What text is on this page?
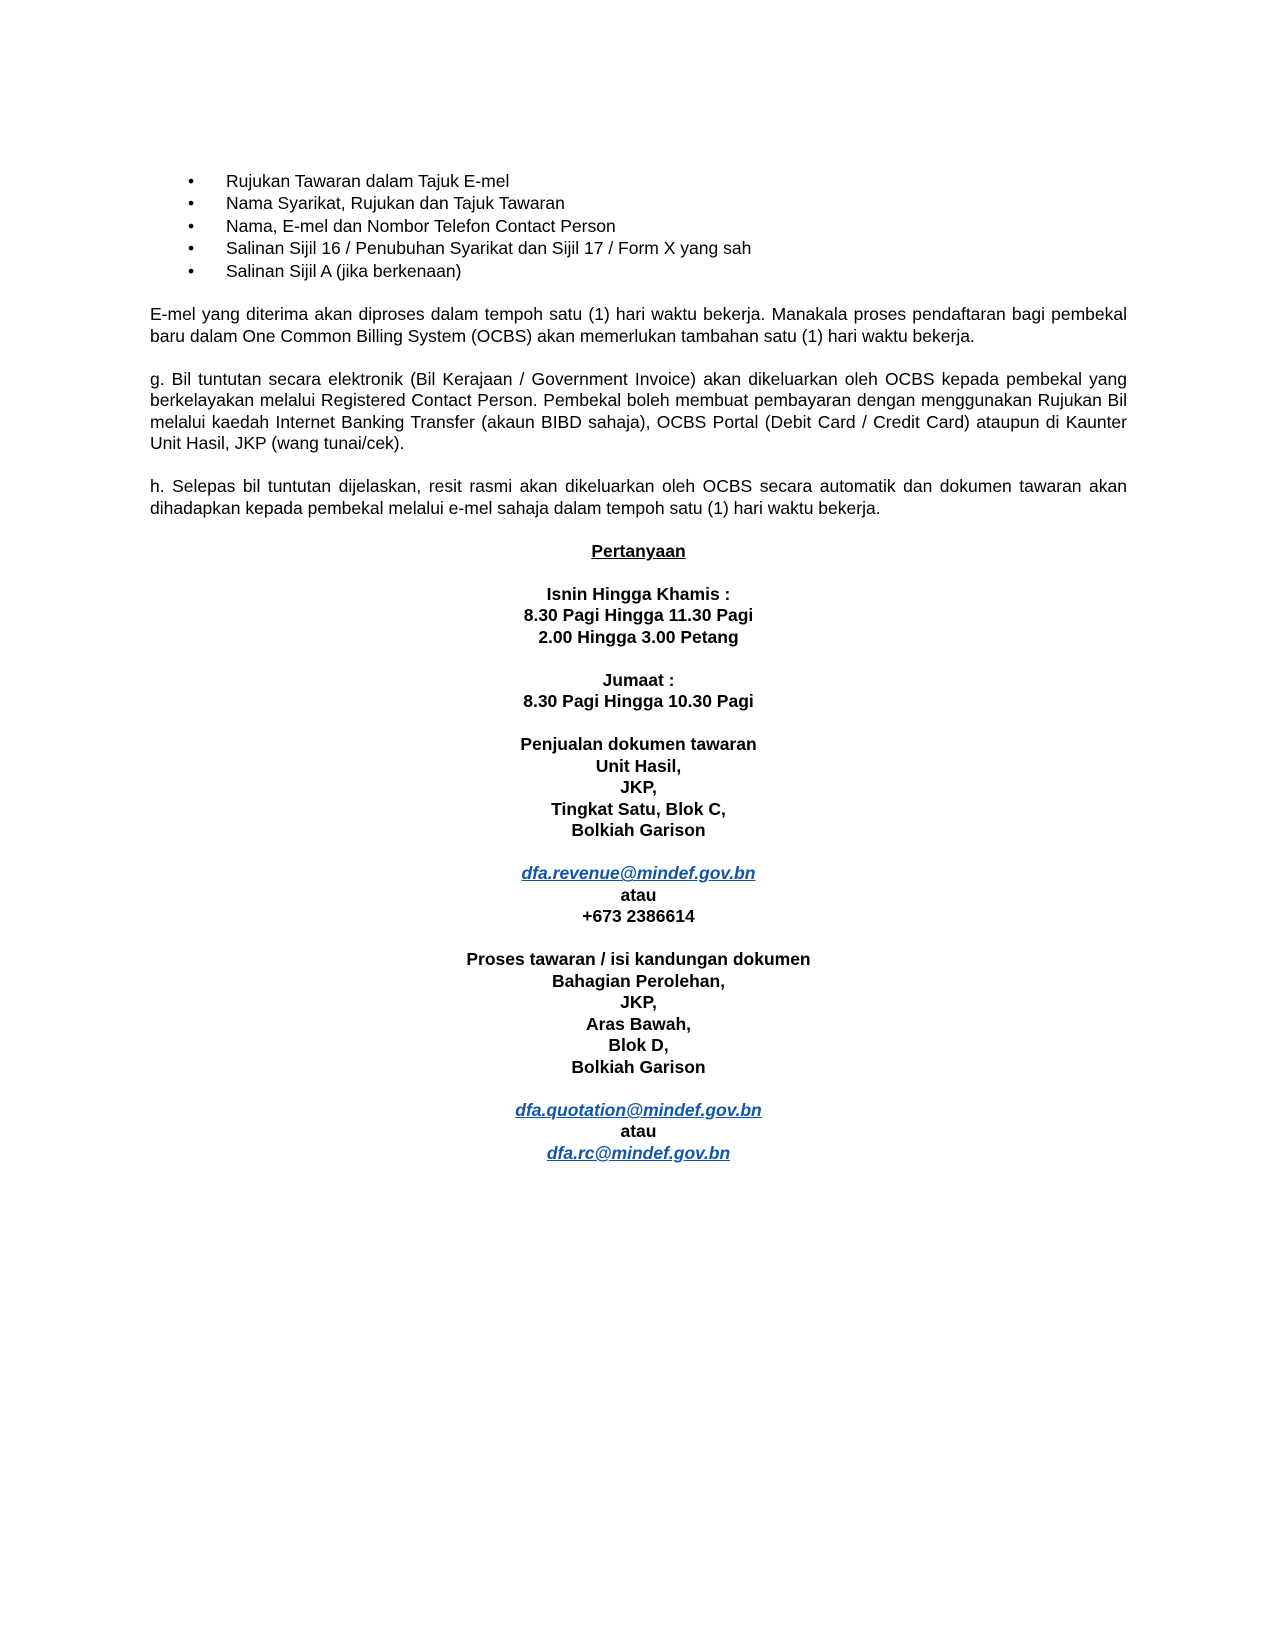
• Rujukan Tawaran dalam Tajuk E-mel
• Nama Syarikat, Rujukan dan Tajuk Tawaran
• Nama, E-mel dan Nombor Telefon Contact Person
• Salinan Sijil 16 / Penubuhan Syarikat dan Sijil 17 / Form X yang sah
• Salinan Sijil A (jika berkenaan)

E-mel yang diterima akan diproses dalam tempoh satu (1) hari waktu bekerja. Manakala proses pendaftaran bagi pembekal baru dalam One Common Billing System (OCBS) akan memerlukan tambahan satu (1) hari waktu bekerja.

g. Bil tuntutan secara elektronik (Bil Kerajaan / Government Invoice) akan dikeluarkan oleh OCBS kepada pembekal yang berkelayakan melalui Registered Contact Person. Pembekal boleh membuat pembayaran dengan menggunakan Rujukan Bil melalui kaedah Internet Banking Transfer (akaun BIBD sahaja), OCBS Portal (Debit Card / Credit Card) ataupun di Kaunter Unit Hasil, JKP (wang tunai/cek).

h. Selepas bil tuntutan dijelaskan, resit rasmi akan dikeluarkan oleh OCBS secara automatik dan dokumen tawaran akan dihadapkan kepada pembekal melalui e-mel sahaja dalam tempoh satu (1) hari waktu bekerja.

Pertanyaan
Isnin Hingga Khamis :
8.30 Pagi Hingga 11.30 Pagi
2.00 Hingga 3.00 Petang
Jumaat :
8.30 Pagi Hingga 10.30 Pagi
Penjualan dokumen tawaran
Unit Hasil,
JKP,
Tingkat Satu, Blok C,
Bolkiah Garison
dfa.revenue@mindef.gov.bn
atau
+673 2386614
Proses tawaran / isi kandungan dokumen
Bahagian Perolehan,
JKP,
Aras Bawah,
Blok D,
Bolkiah Garison
dfa.quotation@mindef.gov.bn
atau
dfa.rc@mindef.gov.bn
